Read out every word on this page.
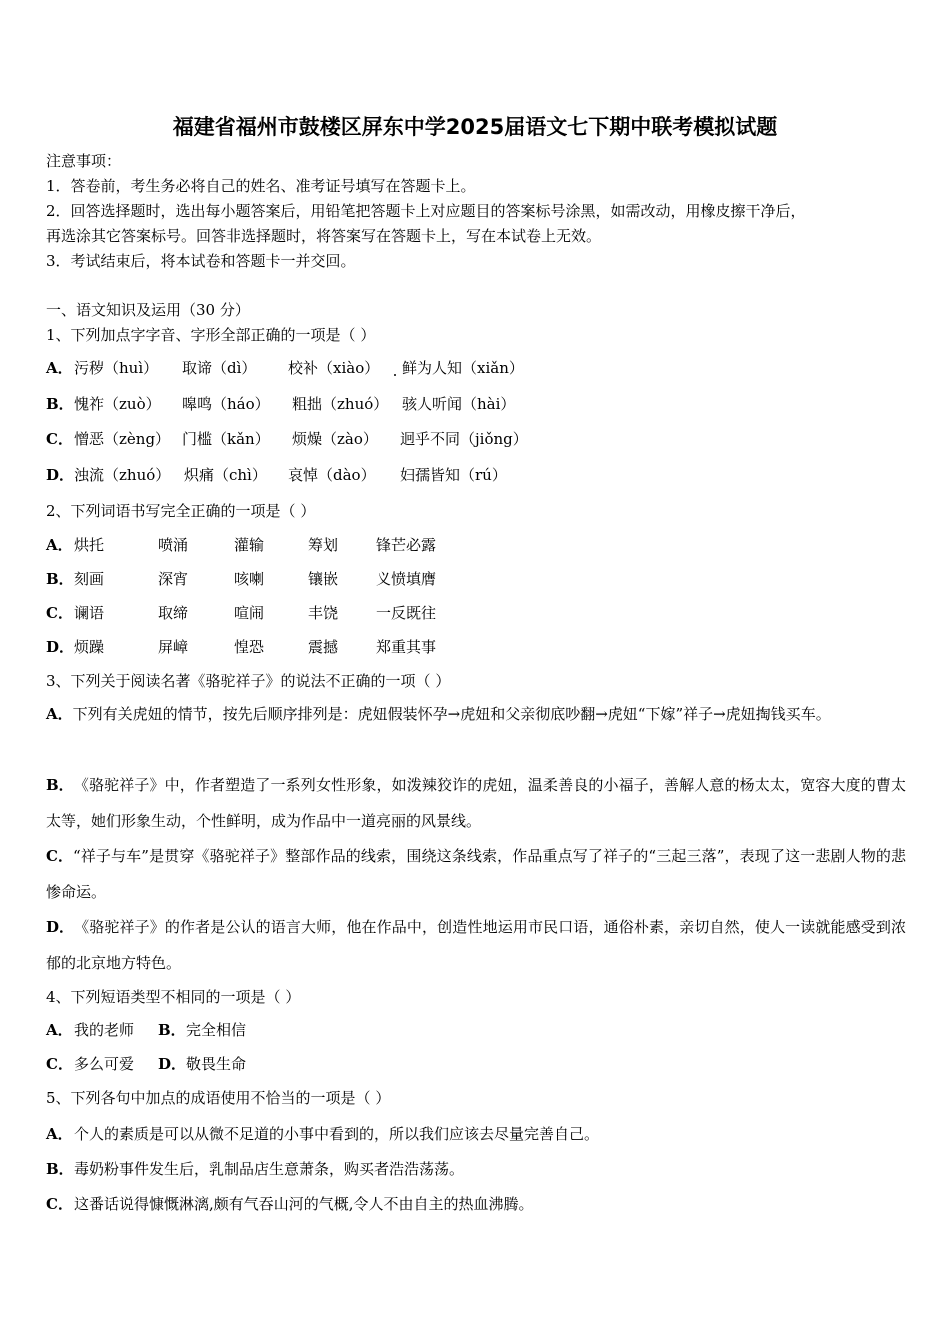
福建省福州市鼓楼区屏东中学2025届语文七下期中联考模拟试题
注意事项：
1．答卷前，考生务必将自己的姓名、准考证号填写在答题卡上。
2．回答选择题时，选出每小题答案后，用铅笔把答题卡上对应题目的答案标号涂黑，如需改动，用橡皮擦干净后，
再选涂其它答案标号。回答非选择题时，将答案写在答题卡上，写在本试卷上无效。
3．考试结束后，将本试卷和答题卡一并交回。
一、语文知识及运用（30 分）
1、下列加点字字音、字形全部正确的一项是（ ）
A． 污秽（huì） 取谛（dì） 校补（xiào） 鲜为人知（xiǎn）
B． 愧祚（zuò） 嗥鸣（háo） 粗拙（zhuó） 骇人听闻（hài）
C． 憎恶（zèng） 门槛（kǎn） 烦燥（zào） 迥乎不同（jiǒng）
D． 浊流（zhuó） 炽痛（chì） 哀悼（dào） 妇孺皆知（rú）
2、下列词语书写完全正确的一项是（ ）
A． 烘托	喷涌	灌输	筹划	锋芒必露
B． 刻画	深宵	咳喇	镶嵌	义愤填膺
C． 谰语	取缔	喧闹	丰饶	一反既往
D． 烦躁	屏嶂	惶恐	震撼	郑重其事
3、下列关于阅读名著《骆驼祥子》的说法不正确的一项（ ）
A．下列有关虎妞的情节，按先后顺序排列是：虎妞假装怀孕→虎妞和父亲彻底吵翻→虎妞“下嫁”祥子→虎妞掏钱买车。
B．《骆驼祥子》中，作者塑造了一系列女性形象，如泼辣狡诈的虎妞，温柔善良的小福子，善解人意的杨太太，宽容大度的曹太太等，她们形象生动，个性鲜明，成为作品中一道亮丽的风景线。
C．“祥子与车”是贯穿《骆驼祥子》整部作品的线索，围绕这条线索，作品重点写了祥子的“三起三落”，表现了这一悲剧人物的悲惨命运。
D．《骆驼祥子》的作者是公认的语言大师，他在作品中，创造性地运用市民口语，通俗朴素，亲切自然，使人一读就能感受到浓郁的北京地方特色。
4、下列短语类型不相同的一项是（ ）
A． 我的老师 B． 完全相信
C． 多么可爱 D． 敬畏生命
5、下列各句中加点的成语使用不恰当的一项是（ ）
A． 个人的素质是可以从微不足道的小事中看到的，所以我们应该去尽量完善自己。
B． 毒奶粉事件发生后，乳制品店生意萧条，购买者浩浩荡荡。
C． 这番话说得慷慨淋漓,颇有气吞山河的气概,令人不由自主的热血沸腾。
